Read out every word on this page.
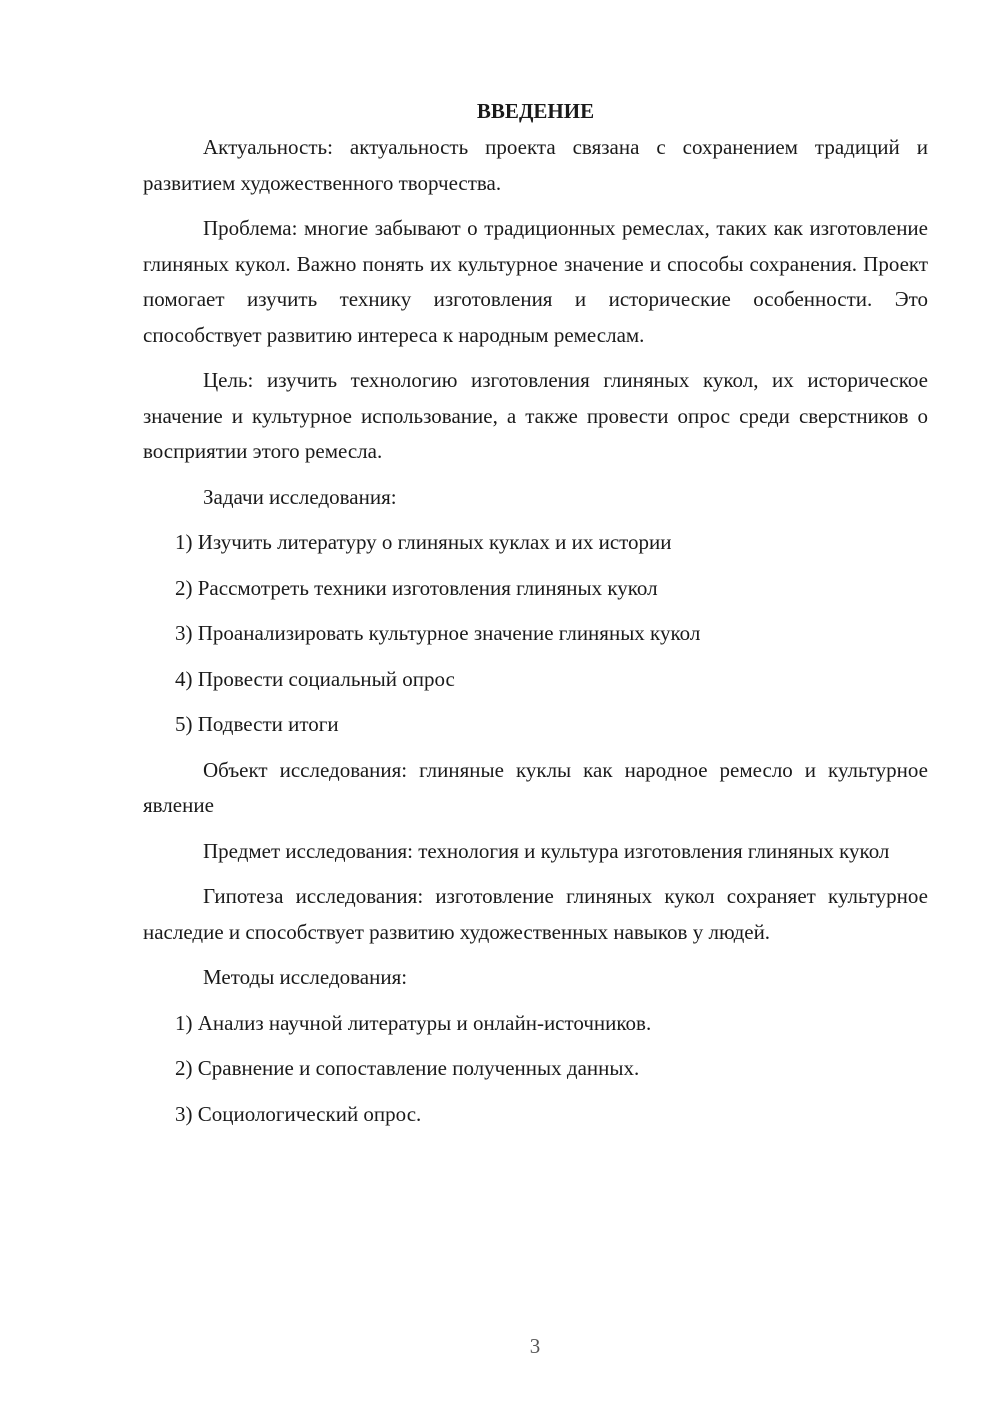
ВВЕДЕНИЕ

Актуальность: актуальность проекта связана с сохранением традиций и развитием художественного творчества.

Проблема: многие забывают о традиционных ремеслах, таких как изготовление глиняных кукол. Важно понять их культурное значение и способы сохранения. Проект помогает изучить технику изготовления и исторические особенности. Это способствует развитию интереса к народным ремеслам.

Цель: изучить технологию изготовления глиняных кукол, их историческое значение и культурное использование, а также провести опрос среди сверстников о восприятии этого ремесла.

Задачи исследования:

1) Изучить литературу о глиняных куклах и их истории

2) Рассмотреть техники изготовления глиняных кукол

3) Проанализировать культурное значение глиняных кукол

4) Провести социальный опрос

5) Подвести итоги

Объект исследования: глиняные куклы как народное ремесло и культурное явление

Предмет исследования: технология и культура изготовления глиняных кукол

Гипотеза исследования: изготовление глиняных кукол сохраняет культурное наследие и способствует развитию художественных навыков у людей.

Методы исследования:

1) Анализ научной литературы и онлайн-источников.

2) Сравнение и сопоставление полученных данных.

3) Социологический опрос.

3
